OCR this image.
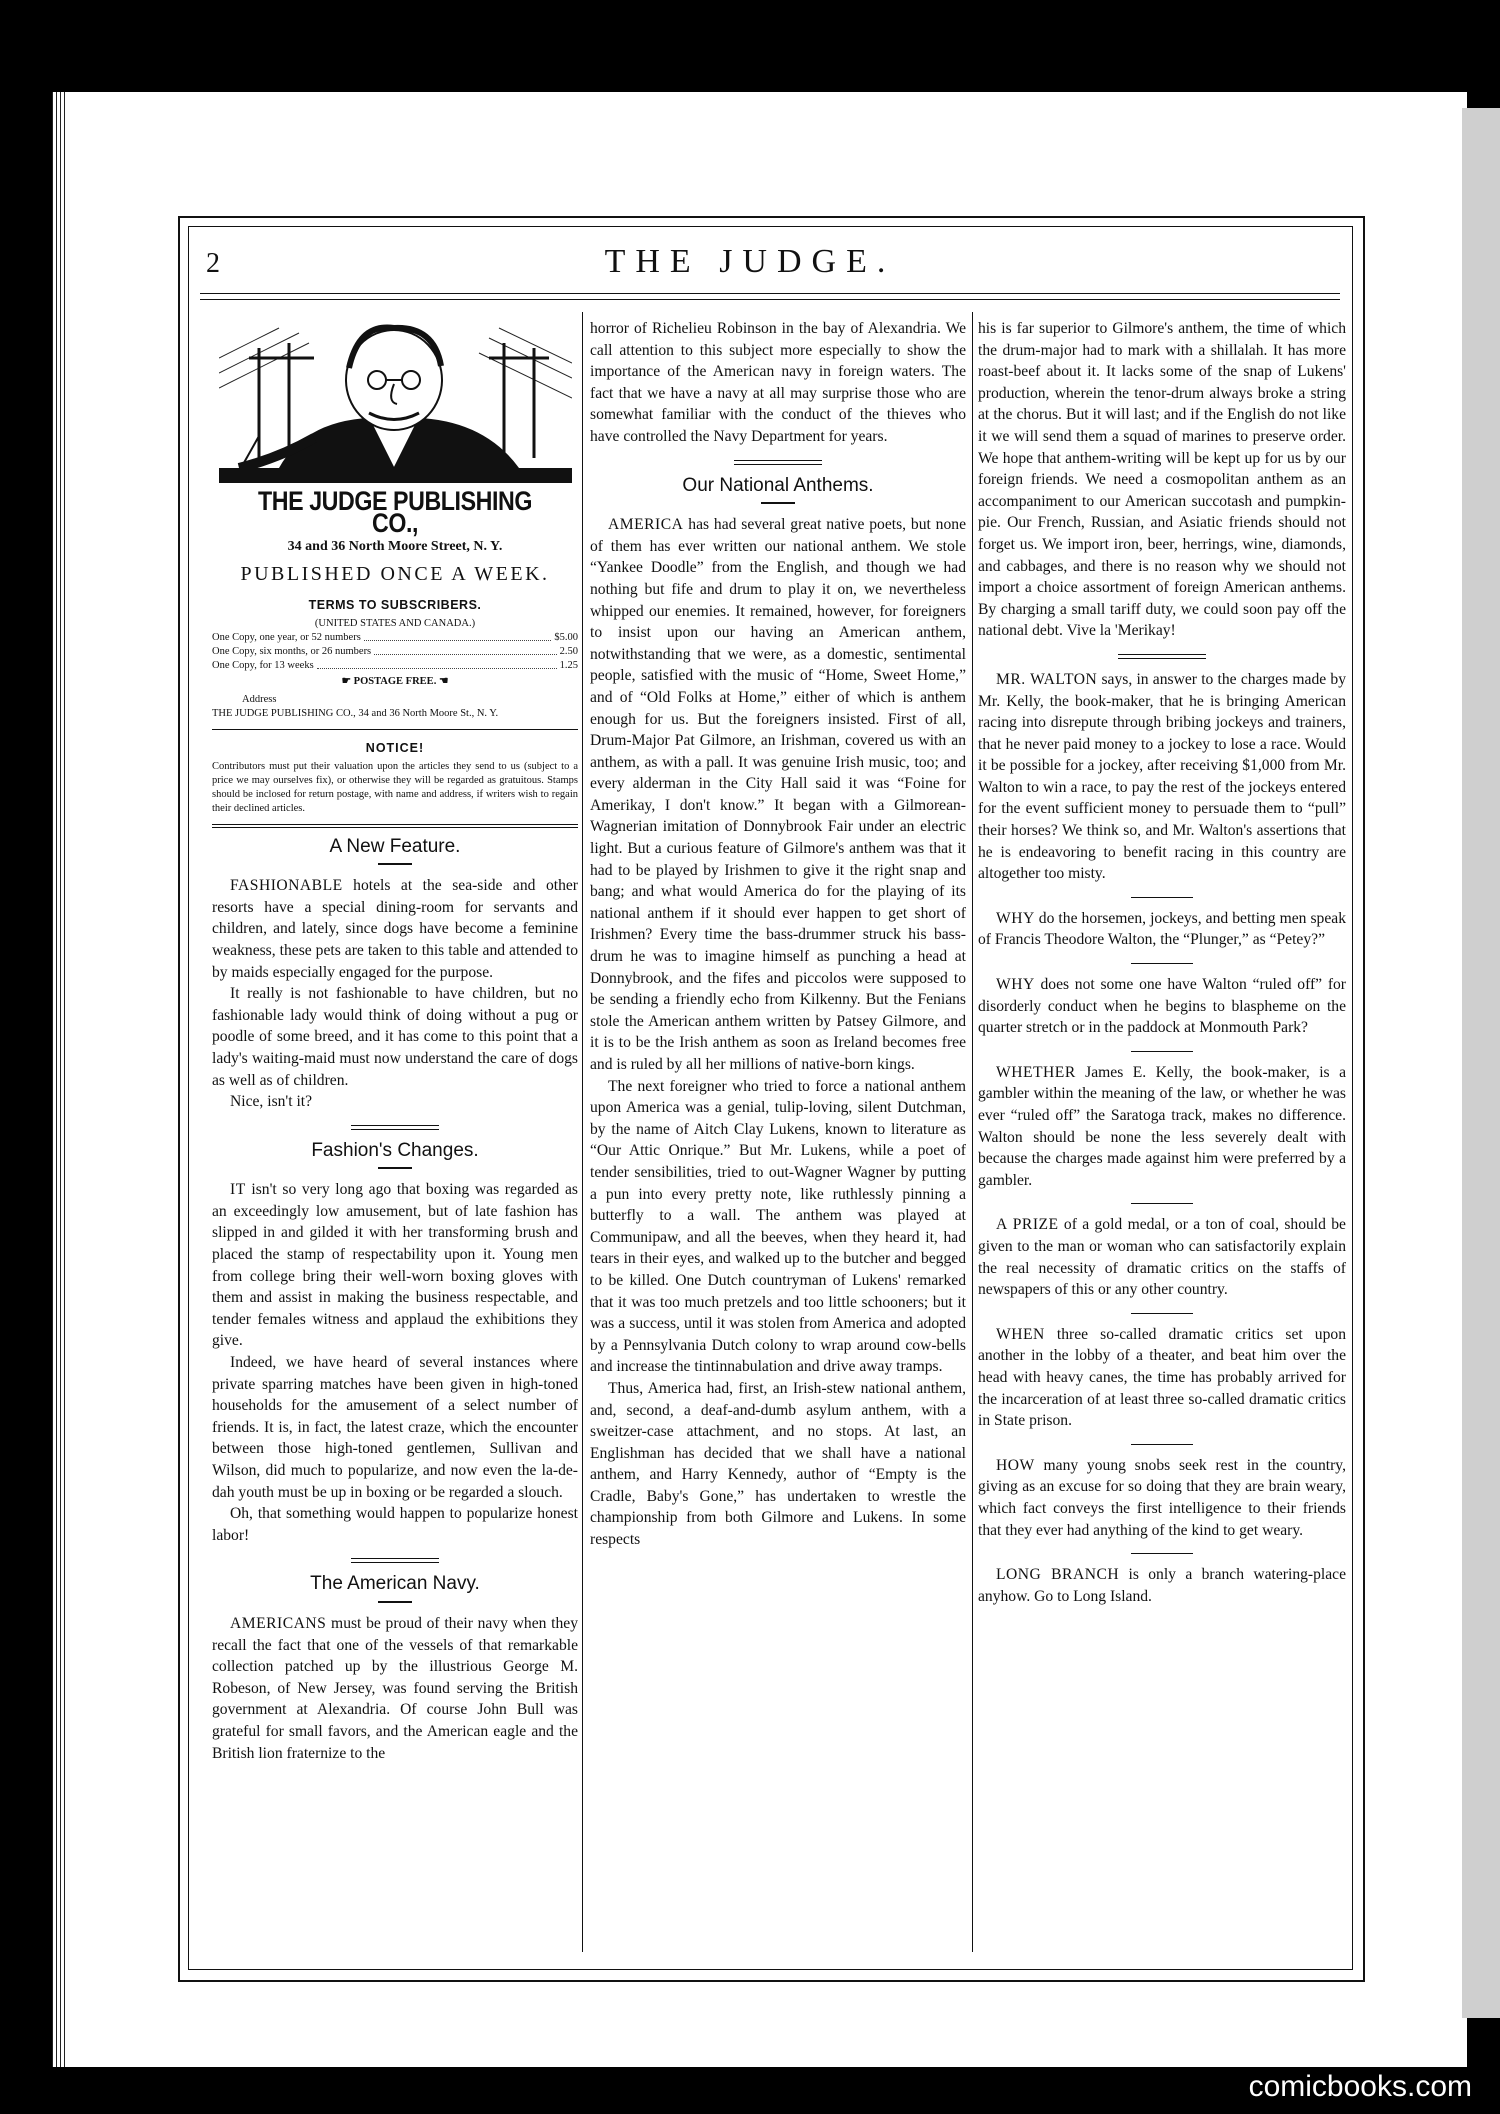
2	THE JUDGE.
THE JUDGE PUBLISHING CO.,
34 and 36 North Moore Street, N. Y.
PUBLISHED ONCE A WEEK.
TERMS TO SUBSCRIBERS.
(UNITED STATES AND CANADA.)
One Copy, one year, or 52 numbers	$5.00
One Copy, six months, or 26 numbers	2.50
One Copy, for 13 weeks	1.25
☛ POSTAGE FREE. ☚
Address
THE JUDGE PUBLISHING CO., 34 and 36 North Moore St., N. Y.
NOTICE!
Contributors must put their valuation upon the articles they send to us (subject to a price we may ourselves fix), or otherwise they will be regarded as gratuitous. Stamps should be inclosed for return postage, with name and address, if writers wish to regain their declined articles.
A New Feature.

FASHIONABLE hotels at the sea-side and other resorts have a special dining-room for servants and children, and lately, since dogs have become a feminine weakness, these pets are taken to this table and attended to by maids especially engaged for the purpose.

It really is not fashionable to have children, but no fashionable lady would think of doing without a pug or poodle of some breed, and it has come to this point that a lady's waiting-maid must now understand the care of dogs as well as of children.

Nice, isn't it?

Fashion's Changes.

IT isn't so very long ago that boxing was regarded as an exceedingly low amusement, but of late fashion has slipped in and gilded it with her transforming brush and placed the stamp of respectability upon it. Young men from college bring their well-worn boxing gloves with them and assist in making the business respectable, and tender females witness and applaud the exhibitions they give.

Indeed, we have heard of several instances where private sparring matches have been given in high-toned households for the amusement of a select number of friends. It is, in fact, the latest craze, which the encounter between those high-toned gentlemen, Sullivan and Wilson, did much to popularize, and now even the la-de-dah youth must be up in boxing or be regarded a slouch.

Oh, that something would happen to popularize honest labor!

The American Navy.

AMERICANS must be proud of their navy when they recall the fact that one of the vessels of that remarkable collection patched up by the illustrious George M. Robeson, of New Jersey, was found serving the British government at Alexandria. Of course John Bull was grateful for small favors, and the American eagle and the British lion fraternize to the

horror of Richelieu Robinson in the bay of Alexandria. We call attention to this subject more especially to show the importance of the American navy in foreign waters. The fact that we have a navy at all may surprise those who are somewhat familiar with the conduct of the thieves who have controlled the Navy Department for years.

Our National Anthems.

AMERICA has had several great native poets, but none of them has ever written our national anthem. We stole “Yankee Doodle” from the English, and though we had nothing but fife and drum to play it on, we nevertheless whipped our enemies. It remained, however, for foreigners to insist upon our having an American anthem, notwithstanding that we were, as a domestic, sentimental people, satisfied with the music of “Home, Sweet Home,” and of “Old Folks at Home,” either of which is anthem enough for us. But the foreigners insisted. First of all, Drum-Major Pat Gilmore, an Irishman, covered us with an anthem, as with a pall. It was genuine Irish music, too; and every alderman in the City Hall said it was “Foine for Amerikay, I don't know.” It began with a Gilmorean-Wagnerian imitation of Donnybrook Fair under an electric light. But a curious feature of Gilmore's anthem was that it had to be played by Irishmen to give it the right snap and bang; and what would America do for the playing of its national anthem if it should ever happen to get short of Irishmen? Every time the bass-drummer struck his bass-drum he was to imagine himself as punching a head at Donnybrook, and the fifes and piccolos were supposed to be sending a friendly echo from Kilkenny. But the Fenians stole the American anthem written by Patsey Gilmore, and it is to be the Irish anthem as soon as Ireland becomes free and is ruled by all her millions of native-born kings.

The next foreigner who tried to force a national anthem upon America was a genial, tulip-loving, silent Dutchman, by the name of Aitch Clay Lukens, known to literature as “Our Attic Onrique.” But Mr. Lukens, while a poet of tender sensibilities, tried to out-Wagner Wagner by putting a pun into every pretty note, like ruthlessly pinning a butterfly to a wall. The anthem was played at Communipaw, and all the beeves, when they heard it, had tears in their eyes, and walked up to the butcher and begged to be killed. One Dutch countryman of Lukens' remarked that it was too much pretzels and too little schooners; but it was a success, until it was stolen from America and adopted by a Pennsylvania Dutch colony to wrap around cow-bells and increase the tintinnabulation and drive away tramps.

Thus, America had, first, an Irish-stew national anthem, and, second, a deaf-and-dumb asylum anthem, with a sweitzer-case attachment, and no stops. At last, an Englishman has decided that we shall have a national anthem, and Harry Kennedy, author of “Empty is the Cradle, Baby's Gone,” has undertaken to wrestle the championship from both Gilmore and Lukens. In some respects

his is far superior to Gilmore's anthem, the time of which the drum-major had to mark with a shillalah. It has more roast-beef about it. It lacks some of the snap of Lukens' production, wherein the tenor-drum always broke a string at the chorus. But it will last; and if the English do not like it we will send them a squad of marines to preserve order. We hope that anthem-writing will be kept up for us by our foreign friends. We need a cosmopolitan anthem as an accompaniment to our American succotash and pumpkin-pie. Our French, Russian, and Asiatic friends should not forget us. We import iron, beer, herrings, wine, diamonds, and cabbages, and there is no reason why we should not import a choice assortment of foreign American anthems. By charging a small tariff duty, we could soon pay off the national debt. Vive la 'Merikay!

MR. WALTON says, in answer to the charges made by Mr. Kelly, the book-maker, that he is bringing American racing into disrepute through bribing jockeys and trainers, that he never paid money to a jockey to lose a race. Would it be possible for a jockey, after receiving $1,000 from Mr. Walton to win a race, to pay the rest of the jockeys entered for the event sufficient money to persuade them to “pull” their horses? We think so, and Mr. Walton's assertions that he is endeavoring to benefit racing in this country are altogether too misty.

WHY do the horsemen, jockeys, and betting men speak of Francis Theodore Walton, the “Plunger,” as “Petey?”

WHY does not some one have Walton “ruled off” for disorderly conduct when he begins to blaspheme on the quarter stretch or in the paddock at Monmouth Park?

WHETHER James E. Kelly, the book-maker, is a gambler within the meaning of the law, or whether he was ever “ruled off” the Saratoga track, makes no difference. Walton should be none the less severely dealt with because the charges made against him were preferred by a gambler.

A PRIZE of a gold medal, or a ton of coal, should be given to the man or woman who can satisfactorily explain the real necessity of dramatic critics on the staffs of newspapers of this or any other country.

WHEN three so-called dramatic critics set upon another in the lobby of a theater, and beat him over the head with heavy canes, the time has probably arrived for the incarceration of at least three so-called dramatic critics in State prison.

HOW many young snobs seek rest in the country, giving as an excuse for so doing that they are brain weary, which fact conveys the first intelligence to their friends that they ever had anything of the kind to get weary.

LONG BRANCH is only a branch watering-place anyhow. Go to Long Island.

comicbooks.com
